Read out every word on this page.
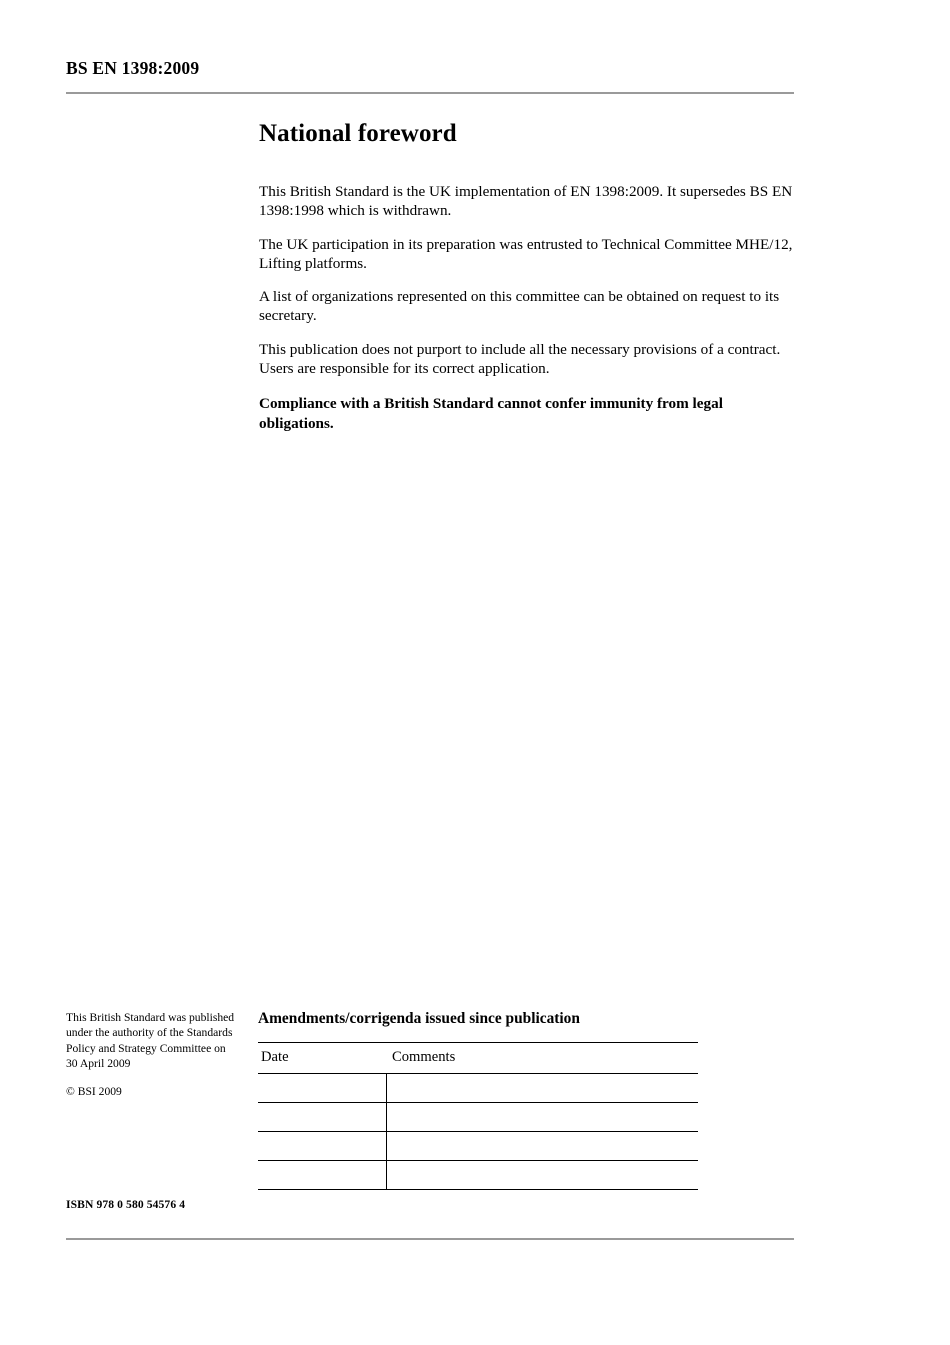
BS EN 1398:2009
National foreword

This British Standard is the UK implementation of EN 1398:2009. It supersedes BS EN 1398:1998 which is withdrawn.

The UK participation in its preparation was entrusted to Technical Committee MHE/12, Lifting platforms.

A list of organizations represented on this committee can be obtained on request to its secretary.

This publication does not purport to include all the necessary provisions of a contract. Users are responsible for its correct application.

Compliance with a British Standard cannot confer immunity from legal obligations.

This British Standard was published under the authority of the Standards Policy and Strategy Committee on 30 April 2009

© BSI 2009

ISBN 978 0 580 54576 4
Amendments/corrigenda issued since publication
Date	Comments
